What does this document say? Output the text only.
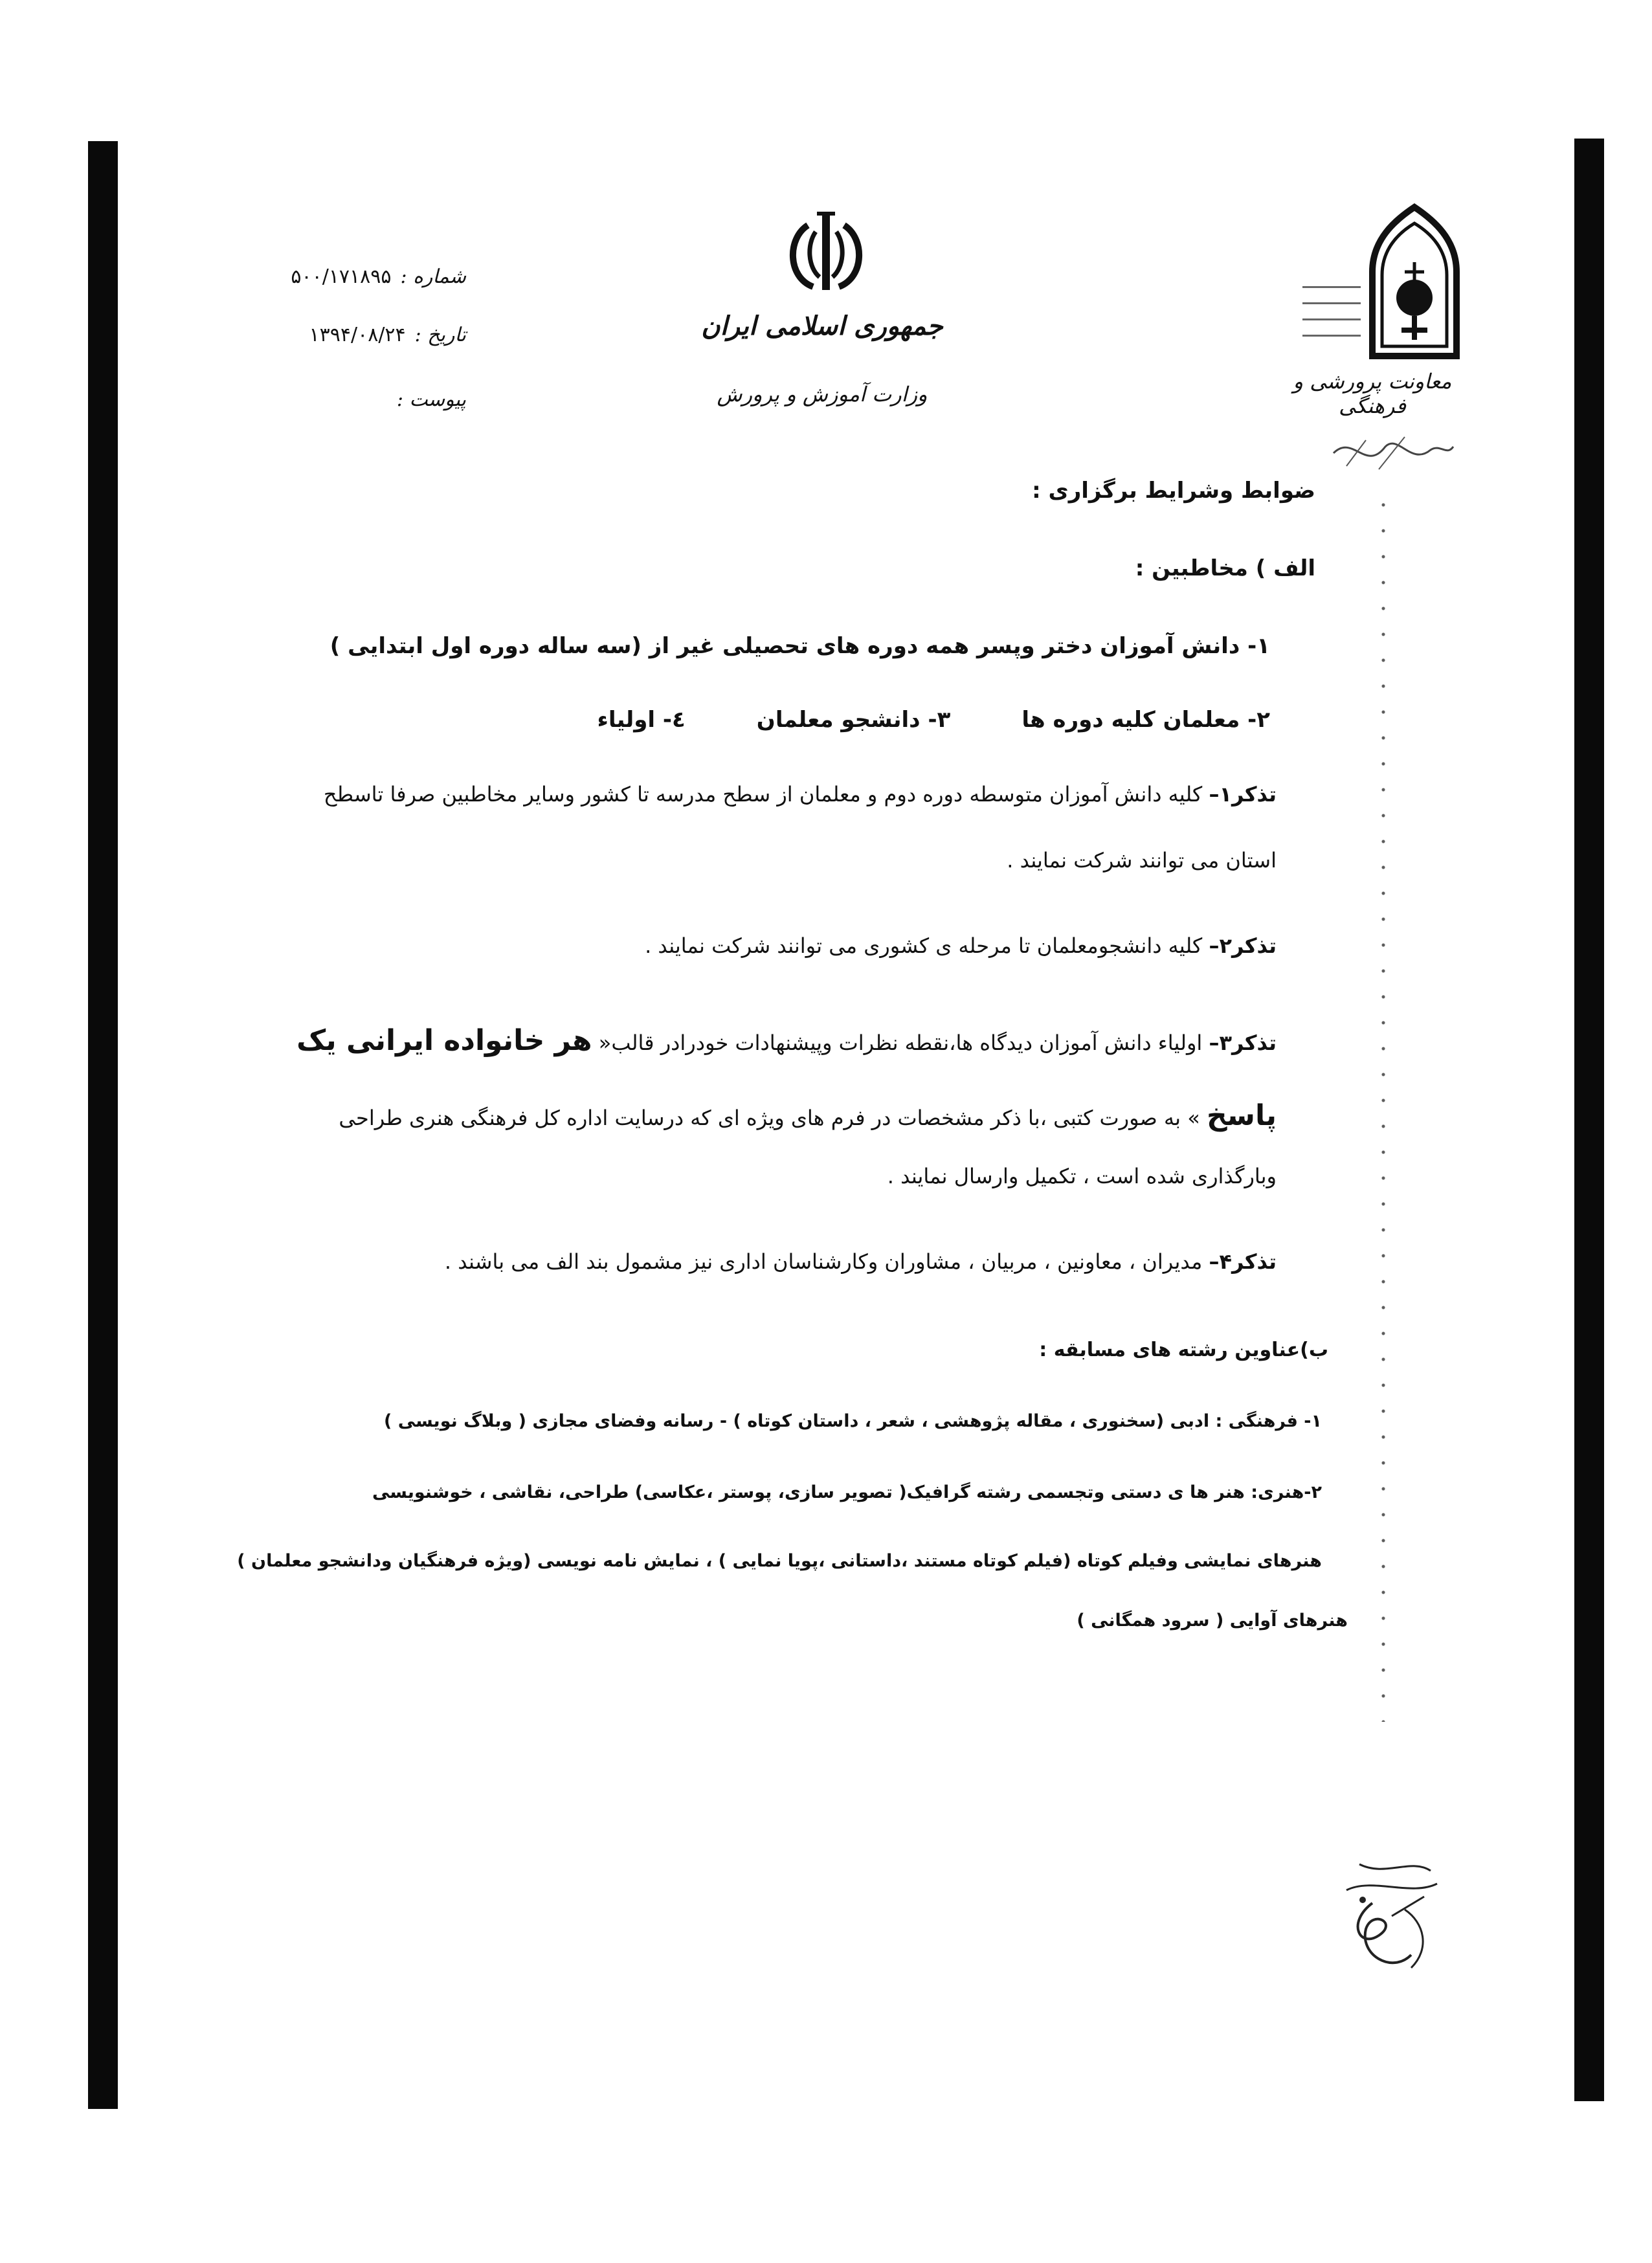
جمهوری اسلامی ایران
وزارت آموزش و پرورش
معاونت پرورشی و فرهنگی
شماره :
۵۰۰/۱۷۱۸۹۵
تاریخ :
۱۳۹۴/۰۸/۲۴
پیوست :
ضوابط وشرایط برگزاری :
الف ) مخاطبین :
۱- دانش آموزان دختر وپسر همه دوره های تحصیلی غیر از (سه ساله دوره اول ابتدایی )
۲- معلمان کلیه دوره ها
۳- دانشجو معلمان
٤- اولیاء
تذکر۱– کلیه دانش آموزان متوسطه دوره دوم و معلمان از سطح مدرسه تا کشور وسایر مخاطبین صرفا تاسطح
استان می توانند شرکت نمایند .
تذکر۲– کلیه دانشجومعلمان تا مرحله ی کشوری می توانند شرکت نمایند .
تذکر۳– اولیاء دانش آموزان دیدگاه ها،نقطه نظرات وپیشنهادات خودرادر قالب« هر خانواده ایرانی یک
پاسخ » به صورت کتبی ،با ذکر مشخصات در فرم های ویژه ای که درسایت اداره کل فرهنگی هنری طراحی
وبارگذاری شده است ، تکمیل وارسال نمایند .
تذکر۴– مدیران ، معاونین ، مربیان ، مشاوران وکارشناسان اداری نیز مشمول بند الف می باشند .
ب)عناوین رشته های مسابقه :
۱- فرهنگی : ادبی (سخنوری ، مقاله پژوهشی ، شعر ، داستان کوتاه ) - رسانه وفضای مجازی ( وبلاگ نویسی )
۲-هنری: هنر ها ی دستی وتجسمی رشته گرافیک( تصویر سازی، پوستر ،عکاسی) طراحی، نقاشی ، خوشنویسی
هنرهای نمایشی وفیلم کوتاه (فیلم کوتاه مستند ،داستانی ،پویا نمایی ) ، نمایش نامه نویسی (ویژه فرهنگیان ودانشجو معلمان )
هنرهای آوایی ( سرود همگانی )
